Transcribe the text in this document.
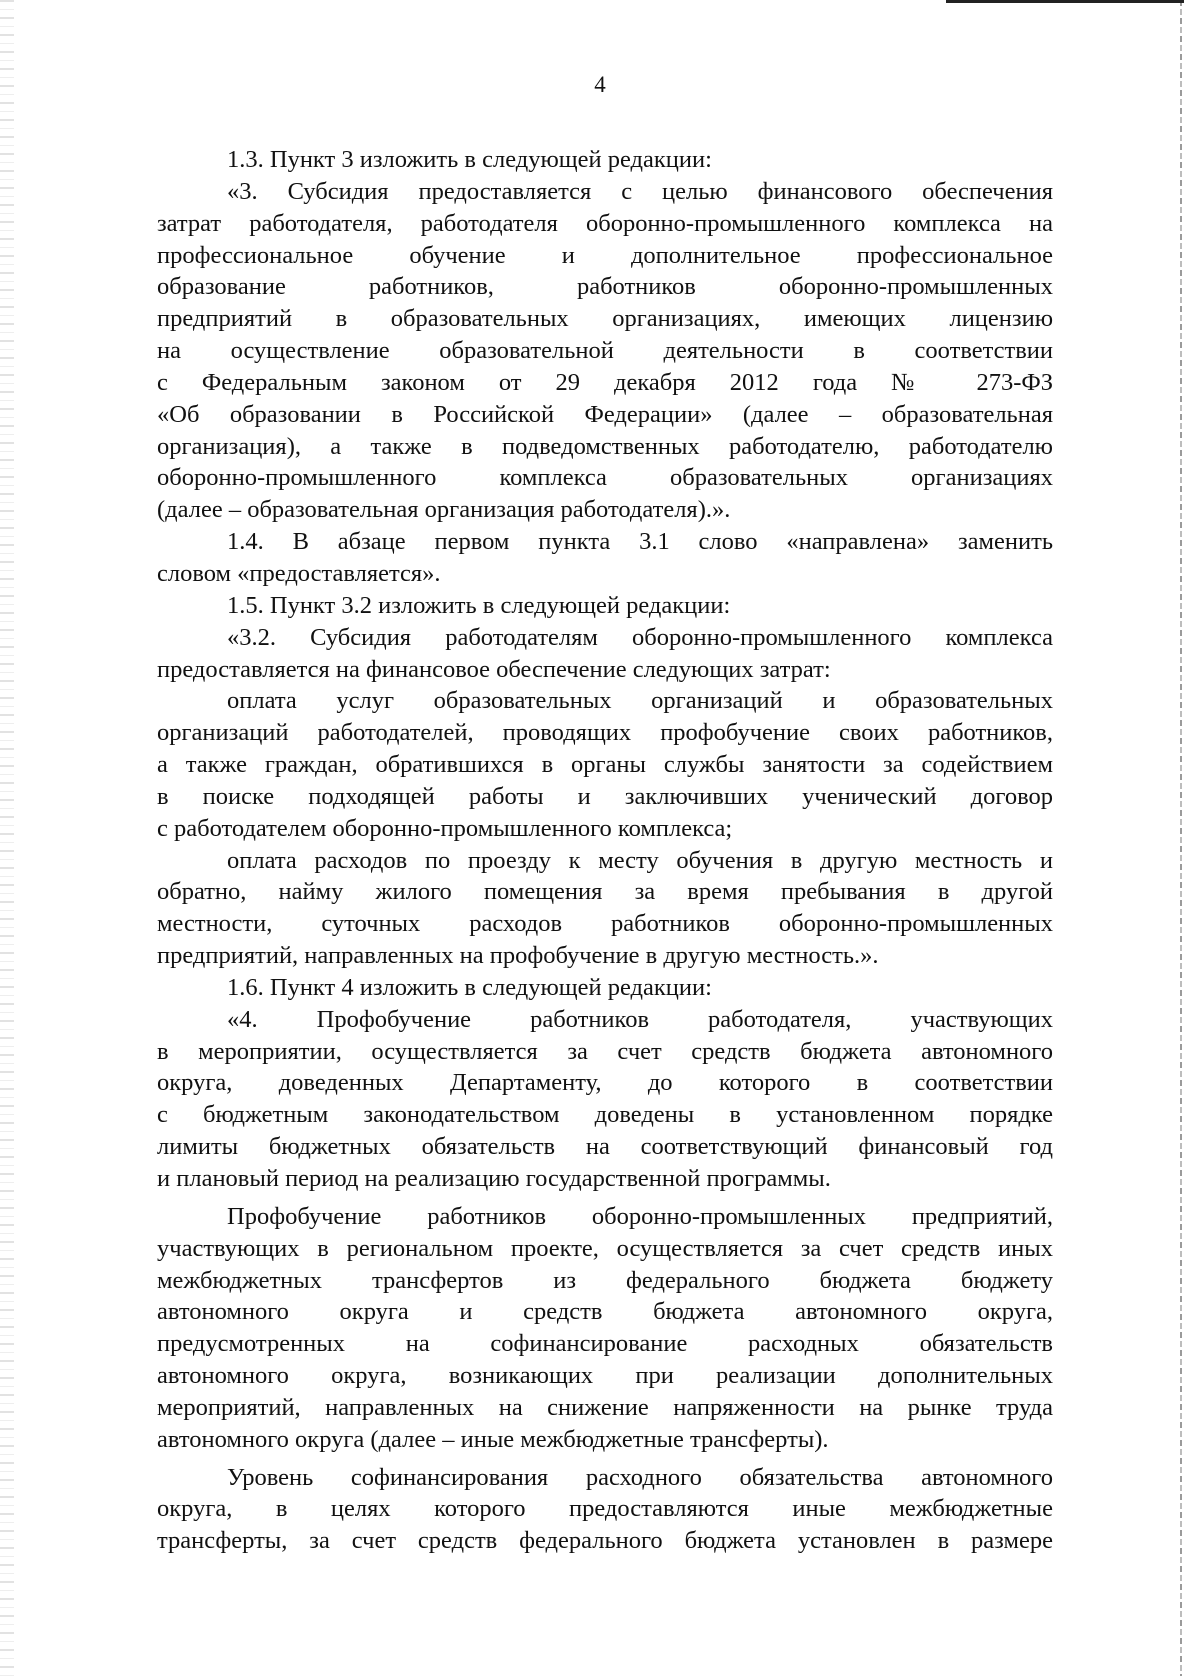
4

1.3. Пункт 3 изложить в следующей редакции:

«3. Субсидия предоставляется с целью финансового обеспечения

затрат работодателя, работодателя оборонно-промышленного комплекса на

профессиональное обучение и дополнительное профессиональное

образование работников, работников оборонно-промышленных

предприятий в образовательных организациях, имеющих лицензию

на осуществление образовательной деятельности в соответствии

с Федеральным законом от 29 декабря 2012 года № 273-ФЗ

«Об образовании в Российской Федерации» (далее – образовательная

организация), а также в подведомственных работодателю, работодателю

оборонно-промышленного комплекса образовательных организациях

(далее – образовательная организация работодателя).».

1.4. В абзаце первом пункта 3.1 слово «направлена» заменить

словом «предоставляется».

1.5. Пункт 3.2 изложить в следующей редакции:

«3.2. Субсидия работодателям оборонно-промышленного комплекса

предоставляется на финансовое обеспечение следующих затрат:

оплата услуг образовательных организаций и образовательных

организаций работодателей, проводящих профобучение своих работников,

а также граждан, обратившихся в органы службы занятости за содействием

в поиске подходящей работы и заключивших ученический договор

с работодателем оборонно-промышленного комплекса;

оплата расходов по проезду к месту обучения в другую местность и

обратно, найму жилого помещения за время пребывания в другой

местности, суточных расходов работников оборонно-промышленных

предприятий, направленных на профобучение в другую местность.».

1.6. Пункт 4 изложить в следующей редакции:

«4. Профобучение работников работодателя, участвующих

в мероприятии, осуществляется за счет средств бюджета автономного

округа, доведенных Департаменту, до которого в соответствии

с бюджетным законодательством доведены в установленном порядке

лимиты бюджетных обязательств на соответствующий финансовый год

и плановый период на реализацию государственной программы.

Профобучение работников оборонно-промышленных предприятий,

участвующих в региональном проекте, осуществляется за счет средств иных

межбюджетных трансфертов из федерального бюджета бюджету

автономного округа и средств бюджета автономного округа,

предусмотренных на софинансирование расходных обязательств

автономного округа, возникающих при реализации дополнительных

мероприятий, направленных на снижение напряженности на рынке труда

автономного округа (далее – иные межбюджетные трансферты).

Уровень софинансирования расходного обязательства автономного

округа, в целях которого предоставляются иные межбюджетные

трансферты, за счет средств федерального бюджета установлен в размере
